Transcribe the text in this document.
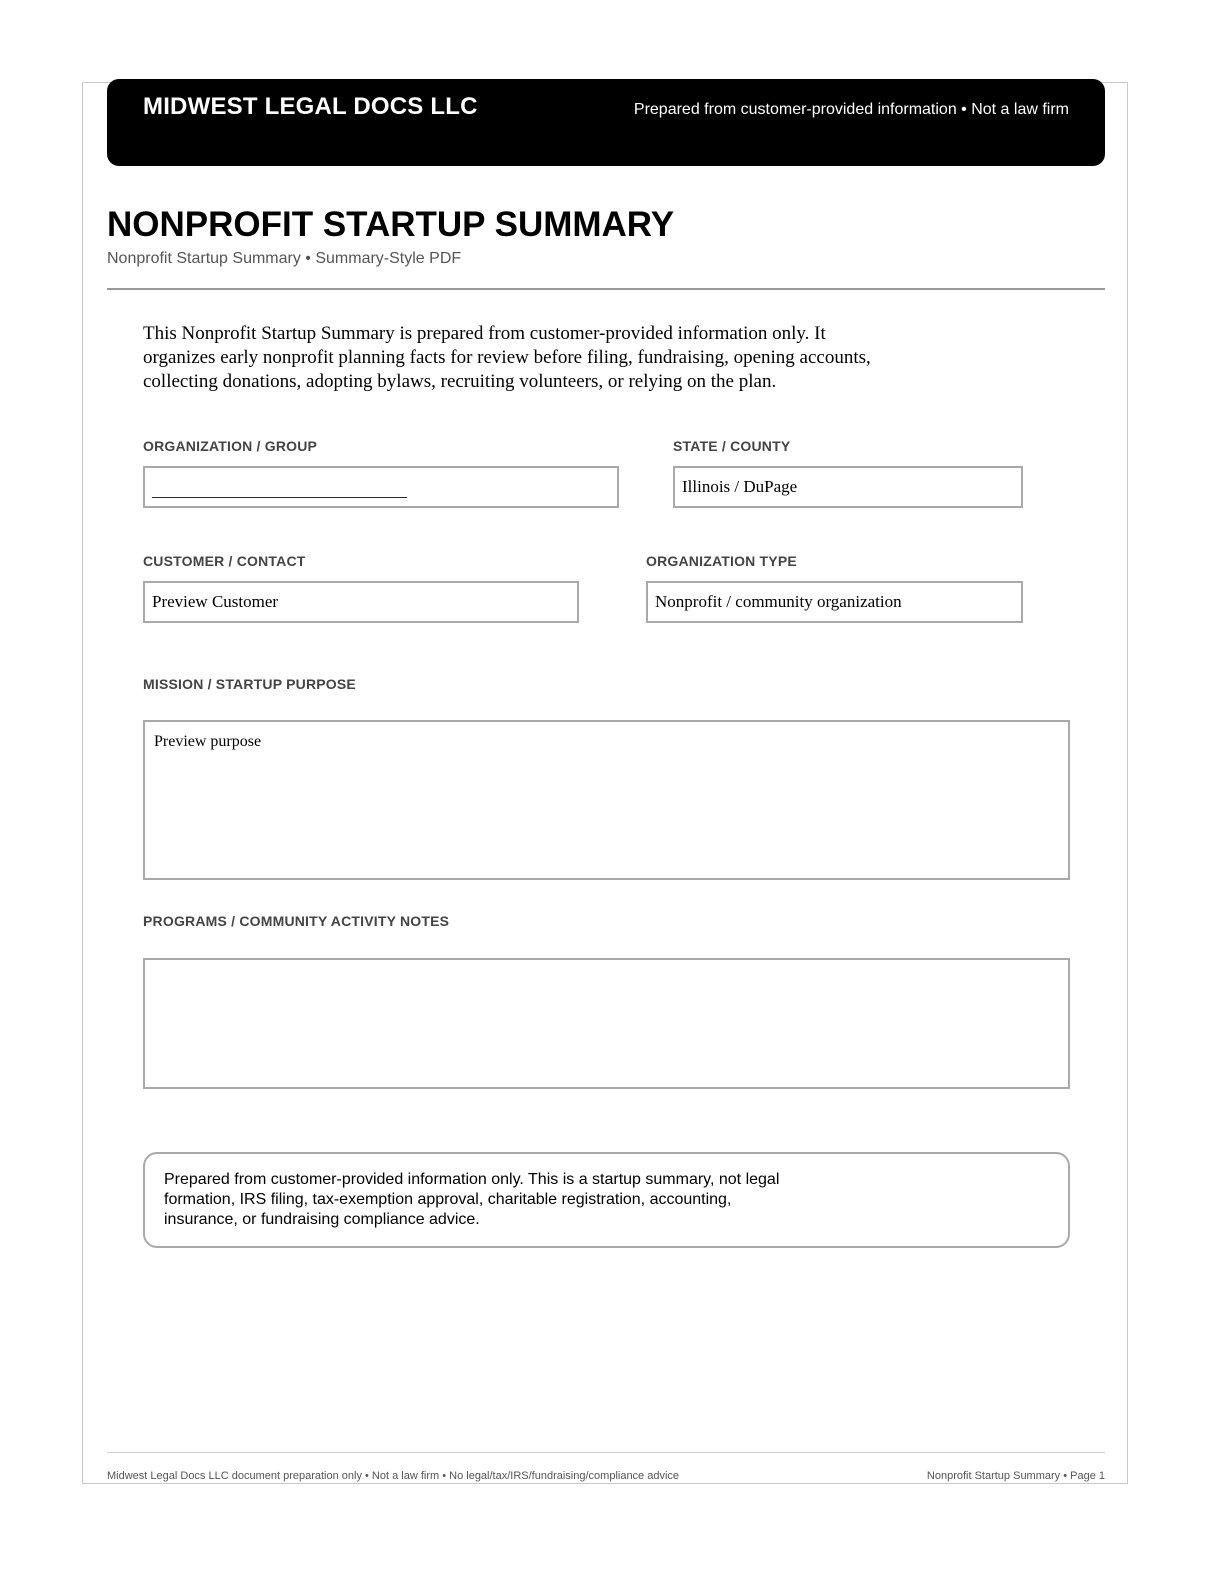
MIDWEST LEGAL DOCS LLC	Prepared from customer-provided information • Not a law firm
NONPROFIT STARTUP SUMMARY
Nonprofit Startup Summary • Summary-Style PDF

This Nonprofit Startup Summary is prepared from customer-provided information only. It organizes early nonprofit planning facts for review before filing, fundraising, opening accounts, collecting donations, adopting bylaws, recruiting volunteers, or relying on the plan.

ORGANIZATION / GROUP
______________________________
STATE / COUNTY
Illinois / DuPage
CUSTOMER / CONTACT
Preview Customer
ORGANIZATION TYPE
Nonprofit / community organization
MISSION / STARTUP PURPOSE
Preview purpose
PROGRAMS / COMMUNITY ACTIVITY NOTES

Prepared from customer-provided information only. This is a startup summary, not legal formation, IRS filing, tax-exemption approval, charitable registration, accounting, insurance, or fundraising compliance advice.

Midwest Legal Docs LLC document preparation only • Not a law firm • No legal/tax/IRS/fundraising/compliance advice	Nonprofit Startup Summary • Page 1
